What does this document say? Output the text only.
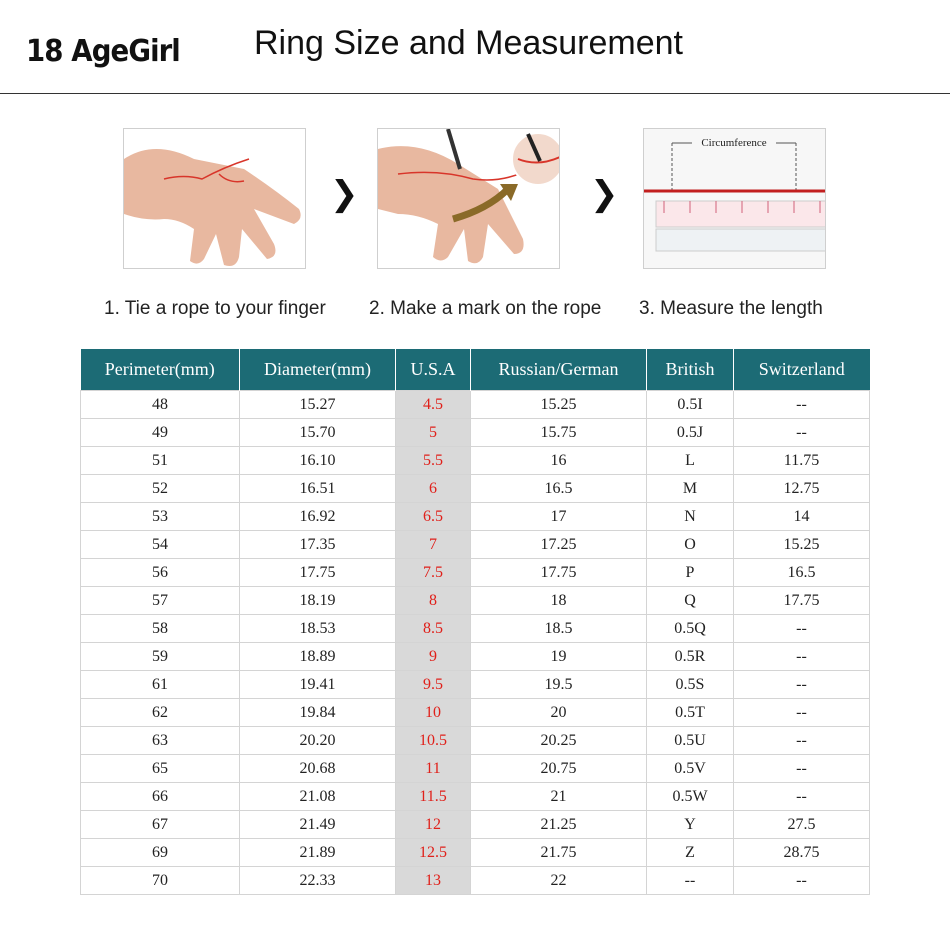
18 AgeGirl Ring Size and Measurement
❯	❯
Circumference
1. Tie a rope to your finger 2. Make a mark on the rope 3. Measure the length
Perimeter(mm)	Diameter(mm)	U.S.A	Russian/German	British	Switzerland
48	15.27	4.5	15.25	0.5I	--
49	15.70	5	15.75	0.5J	--
51	16.10	5.5	16	L	11.75
52	16.51	6	16.5	M	12.75
53	16.92	6.5	17	N	14
54	17.35	7	17.25	O	15.25
56	17.75	7.5	17.75	P	16.5
57	18.19	8	18	Q	17.75
58	18.53	8.5	18.5	0.5Q	--
59	18.89	9	19	0.5R	--
61	19.41	9.5	19.5	0.5S	--
62	19.84	10	20	0.5T	--
63	20.20	10.5	20.25	0.5U	--
65	20.68	11	20.75	0.5V	--
66	21.08	11.5	21	0.5W	--
67	21.49	12	21.25	Y	27.5
69	21.89	12.5	21.75	Z	28.75
70	22.33	13	22	--	--
